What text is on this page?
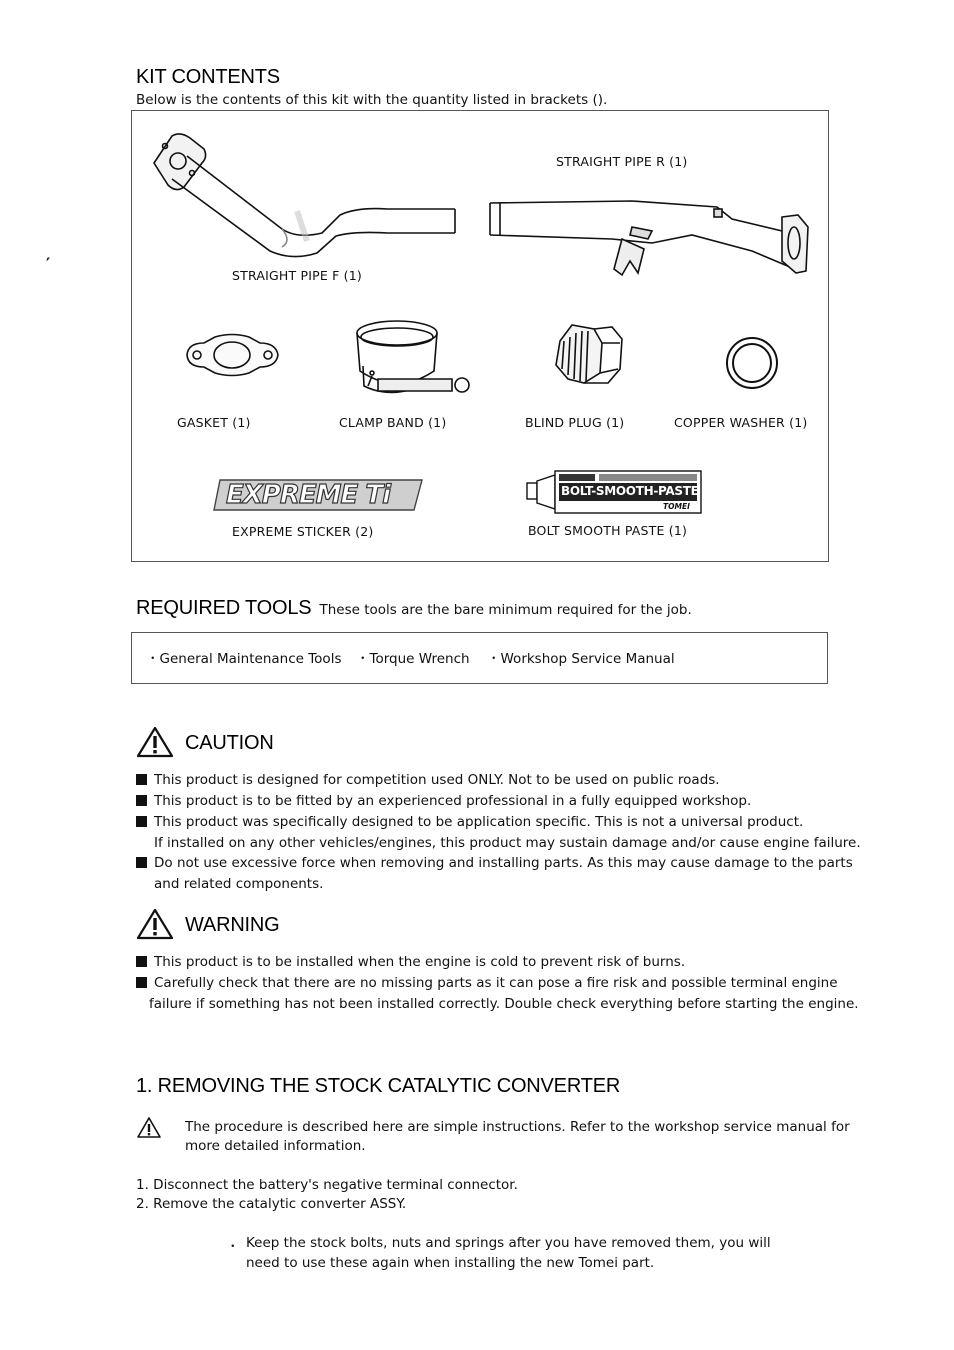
KIT CONTENTS
Below is the contents of this kit with the quantity listed in brackets ().
′
STRAIGHT PIPE R (1)
STRAIGHT PIPE F (1)
GASKET (1)	CLAMP BAND (1)	BLIND PLUG (1)	COPPER WASHER (1)
EXPREME Ti	BOLT-SMOOTH-PASTE
TOMEI
EXPREME STICKER (2)	BOLT SMOOTH PASTE (1)
REQUIRED TOOLS These tools are the bare minimum required for the job.
・General Maintenance Tools ・Torque Wrench ・Workshop Service Manual
CAUTION
This product is designed for competition used ONLY. Not to be used on public roads.
This product is to be fitted by an experienced professional in a fully equipped workshop.
This product was specifically designed to be application specific. This is not a universal product.
If installed on any other vehicles/engines, this product may sustain damage and/or cause engine failure.
Do not use excessive force when removing and installing parts. As this may cause damage to the parts
and related components.
WARNING
This product is to be installed when the engine is cold to prevent risk of burns.
Carefully check that there are no missing parts as it can pose a fire risk and possible terminal engine
failure if something has not been installed correctly. Double check everything before starting the engine.
1. REMOVING THE STOCK CATALYTIC CONVERTER
The procedure is described here are simple instructions. Refer to the workshop service manual for
more detailed information.
1. Disconnect the battery's negative terminal connector.
2. Remove the catalytic converter ASSY.
・ Keep the stock bolts, nuts and springs after you have removed them, you will
need to use these again when installing the new Tomei part.
